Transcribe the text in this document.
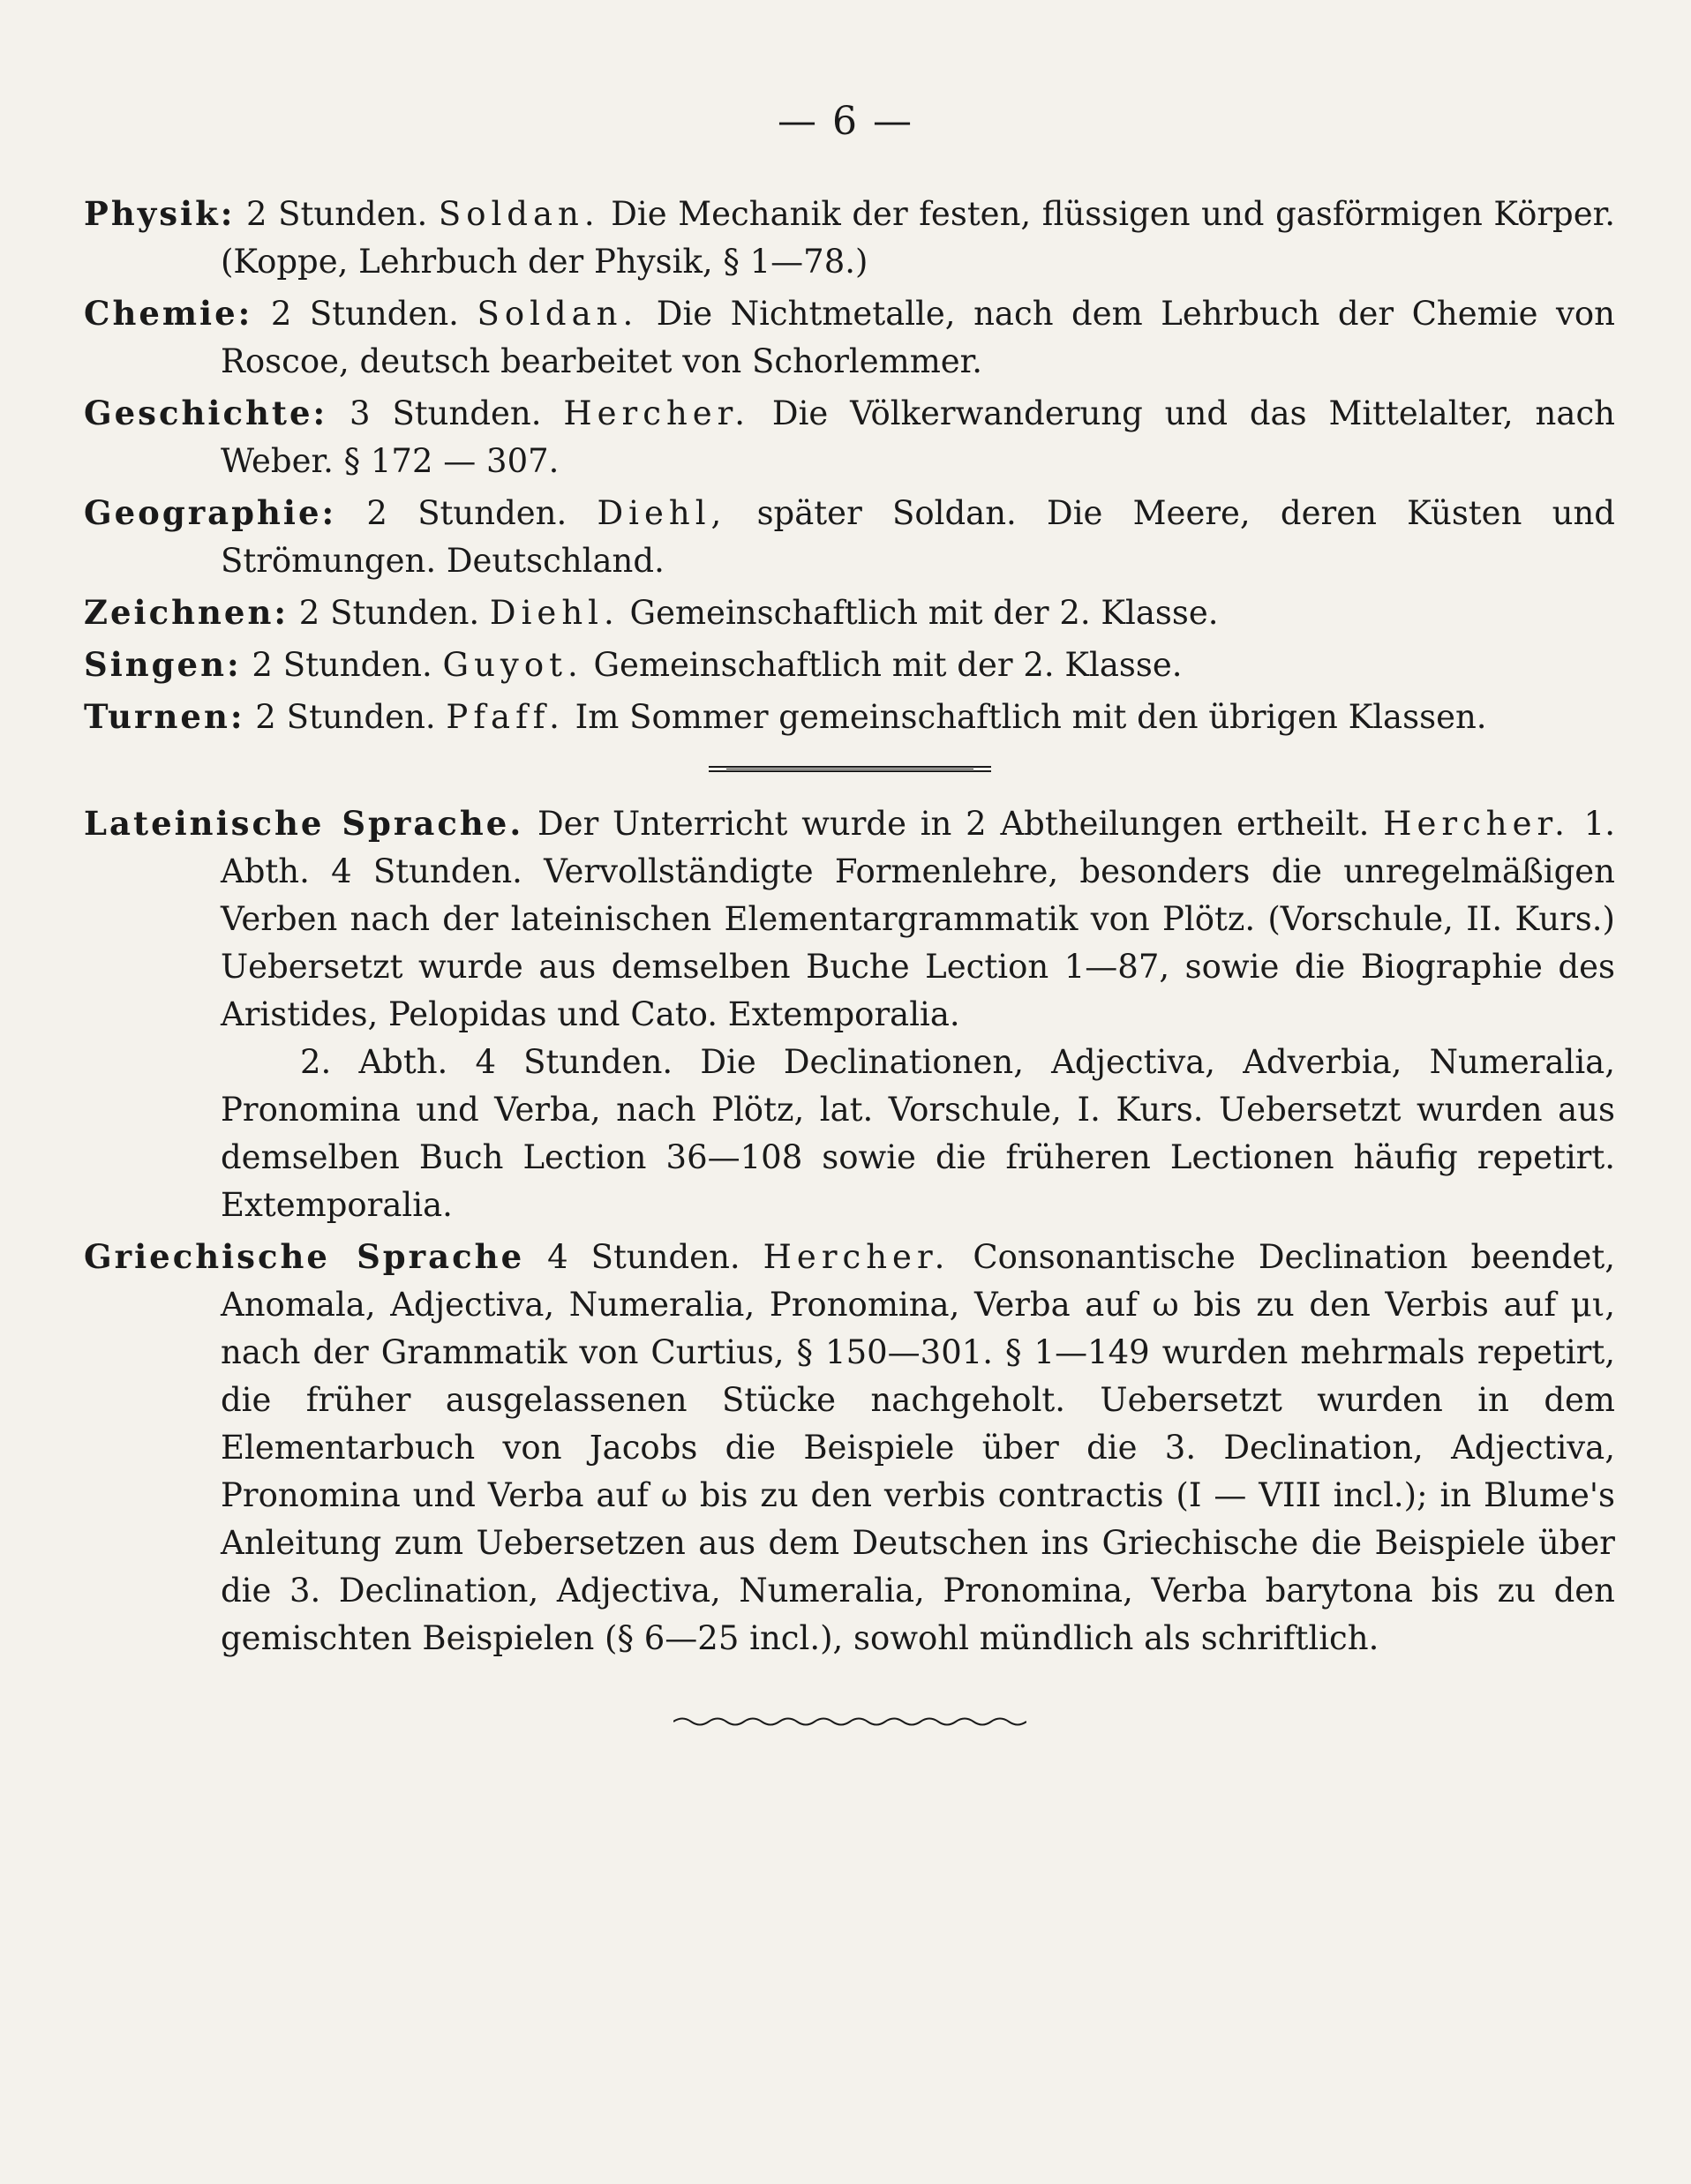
— 6 —

Physik: 2 Stunden. Soldan. Die Mechanik der festen, flüssigen und gasförmigen Körper. (Koppe, Lehrbuch der Physik, § 1—78.)

Chemie: 2 Stunden. Soldan. Die Nichtmetalle, nach dem Lehrbuch der Chemie von Roscoe, deutsch bearbeitet von Schorlemmer.

Geschichte: 3 Stunden. Hercher. Die Völkerwanderung und das Mittelalter, nach Weber. § 172 — 307.

Geographie: 2 Stunden. Diehl, später Soldan. Die Meere, deren Küsten und Strömungen. Deutschland.

Zeichnen: 2 Stunden. Diehl. Gemeinschaftlich mit der 2. Klasse.

Singen: 2 Stunden. Guyot. Gemeinschaftlich mit der 2. Klasse.

Turnen: 2 Stunden. Pfaff. Im Sommer gemeinschaftlich mit den übrigen Klassen.

Lateinische Sprache. Der Unterricht wurde in 2 Abtheilungen ertheilt. Hercher. 1. Abth. 4 Stunden. Vervollständigte Formenlehre, besonders die unregelmäßigen Verben nach der lateinischen Elementargrammatik von Plötz. (Vorschule, II. Kurs.) Uebersetzt wurde aus demselben Buche Lection 1—87, sowie die Biographie des Aristides, Pelopidas und Cato. Extemporalia.

2. Abth. 4 Stunden. Die Declinationen, Adjectiva, Adverbia, Numeralia, Pronomina und Verba, nach Plötz, lat. Vorschule, I. Kurs. Uebersetzt wurden aus demselben Buch Lection 36—108 sowie die früheren Lectionen häufig repetirt. Extemporalia.

Griechische Sprache 4 Stunden. Hercher. Consonantische Declination beendet, Anomala, Adjectiva, Numeralia, Pronomina, Verba auf ω bis zu den Verbis auf μι, nach der Grammatik von Curtius, § 150—301. § 1—149 wurden mehrmals repetirt, die früher ausgelassenen Stücke nachgeholt. Uebersetzt wurden in dem Elementarbuch von Jacobs die Beispiele über die 3. Declination, Adjectiva, Pronomina und Verba auf ω bis zu den verbis contractis (I — VIII incl.); in Blume's Anleitung zum Uebersetzen aus dem Deutschen ins Griechische die Beispiele über die 3. Declination, Adjectiva, Numeralia, Pronomina, Verba barytona bis zu den gemischten Beispielen (§ 6—25 incl.), sowohl mündlich als schriftlich.
